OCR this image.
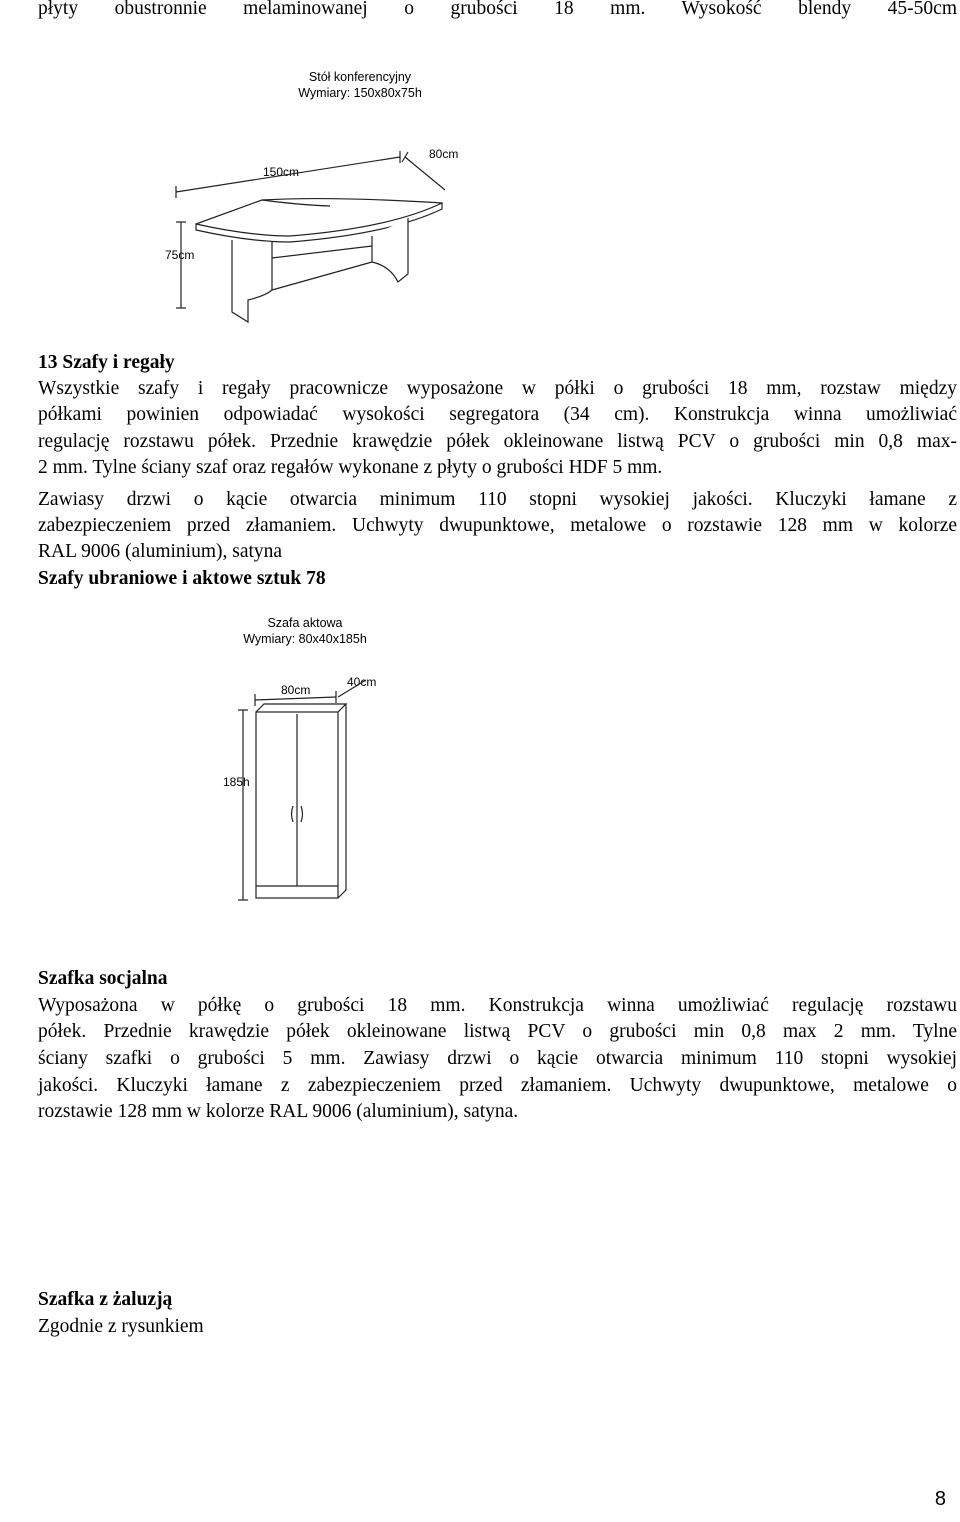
płyty obustronnie melaminowanej o grubości 18 mm. Wysokość blendy 45-50cm
Stół konferencyjny
Wymiary: 150x80x75h
150cm
80cm
75cm
13 Szafy i regały
Wszystkie szafy i regały pracownicze wyposażone w półki o grubości 18 mm, rozstaw między
półkami powinien odpowiadać wysokości segregatora (34 cm). Konstrukcja winna umożliwiać
regulację rozstawu półek. Przednie krawędzie półek okleinowane listwą PCV o grubości min 0,8 max-
2 mm. Tylne ściany szaf oraz regałów wykonane z płyty o grubości HDF 5 mm.
Zawiasy drzwi o kącie otwarcia minimum 110 stopni wysokiej jakości. Kluczyki łamane z
zabezpieczeniem przed złamaniem. Uchwyty dwupunktowe, metalowe o rozstawie 128 mm w kolorze
RAL 9006 (aluminium), satyna
Szafy ubraniowe i aktowe sztuk 78
Szafa aktowa
Wymiary: 80x40x185h
80cm
40cm
185h
Szafka socjalna
Wyposażona w półkę o grubości 18 mm. Konstrukcja winna umożliwiać regulację rozstawu
półek. Przednie krawędzie półek okleinowane listwą PCV o grubości min 0,8 max 2 mm. Tylne
ściany szafki o grubości 5 mm. Zawiasy drzwi o kącie otwarcia minimum 110 stopni wysokiej
jakości. Kluczyki łamane z zabezpieczeniem przed złamaniem. Uchwyty dwupunktowe, metalowe o
rozstawie 128 mm w kolorze RAL 9006 (aluminium), satyna.
Szafka z żaluzją
Zgodnie z rysunkiem
8
